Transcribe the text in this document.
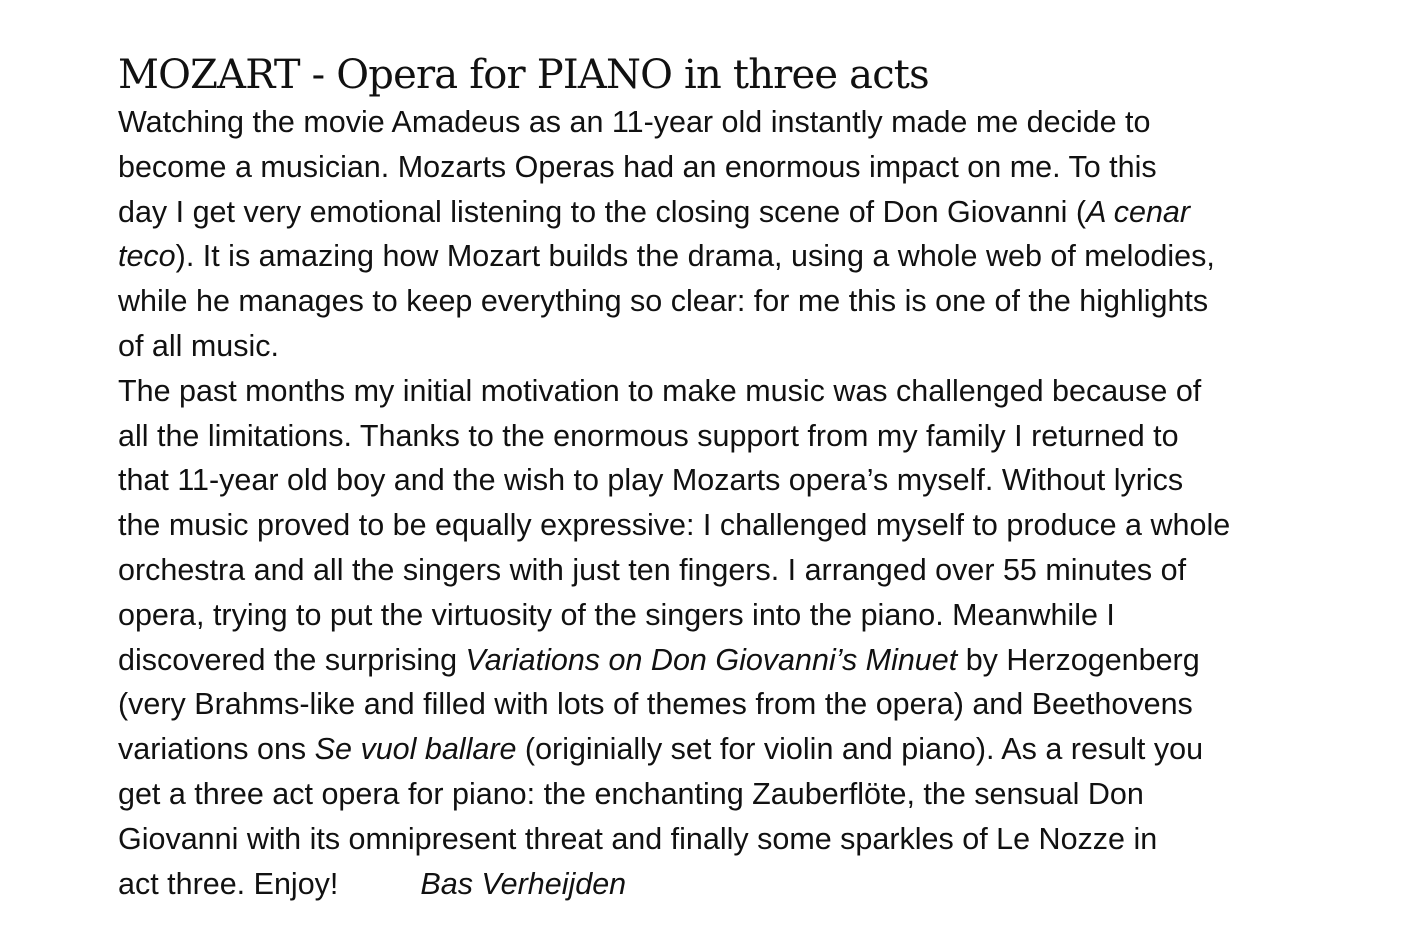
MOZART - Opera for PIANO in three acts

Watching the movie Amadeus as an 11-year old instantly made me decide to
become a musician. Mozarts Operas had an enormous impact on me. To this
day I get very emotional listening to the closing scene of Don Giovanni (A cenar
teco). It is amazing how Mozart builds the drama, using a whole web of melodies,
while he manages to keep everything so clear: for me this is one of the highlights
of all music.

The past months my initial motivation to make music was challenged because of
all the limitations. Thanks to the enormous support from my family I returned to
that 11-year old boy and the wish to play Mozarts opera’s myself. Without lyrics
the music proved to be equally expressive: I challenged myself to produce a whole
orchestra and all the singers with just ten fingers. I arranged over 55 minutes of
opera, trying to put the virtuosity of the singers into the piano. Meanwhile I
discovered the surprising Variations on Don Giovanni’s Minuet by Herzogenberg
(very Brahms-like and filled with lots of themes from the opera) and Beethovens
variations ons Se vuol ballare (originially set for violin and piano). As a result you
get a three act opera for piano: the enchanting Zauberflöte, the sensual Don
Giovanni with its omnipresent threat and finally some sparkles of Le Nozze in
act three. Enjoy!	Bas Verheijden
